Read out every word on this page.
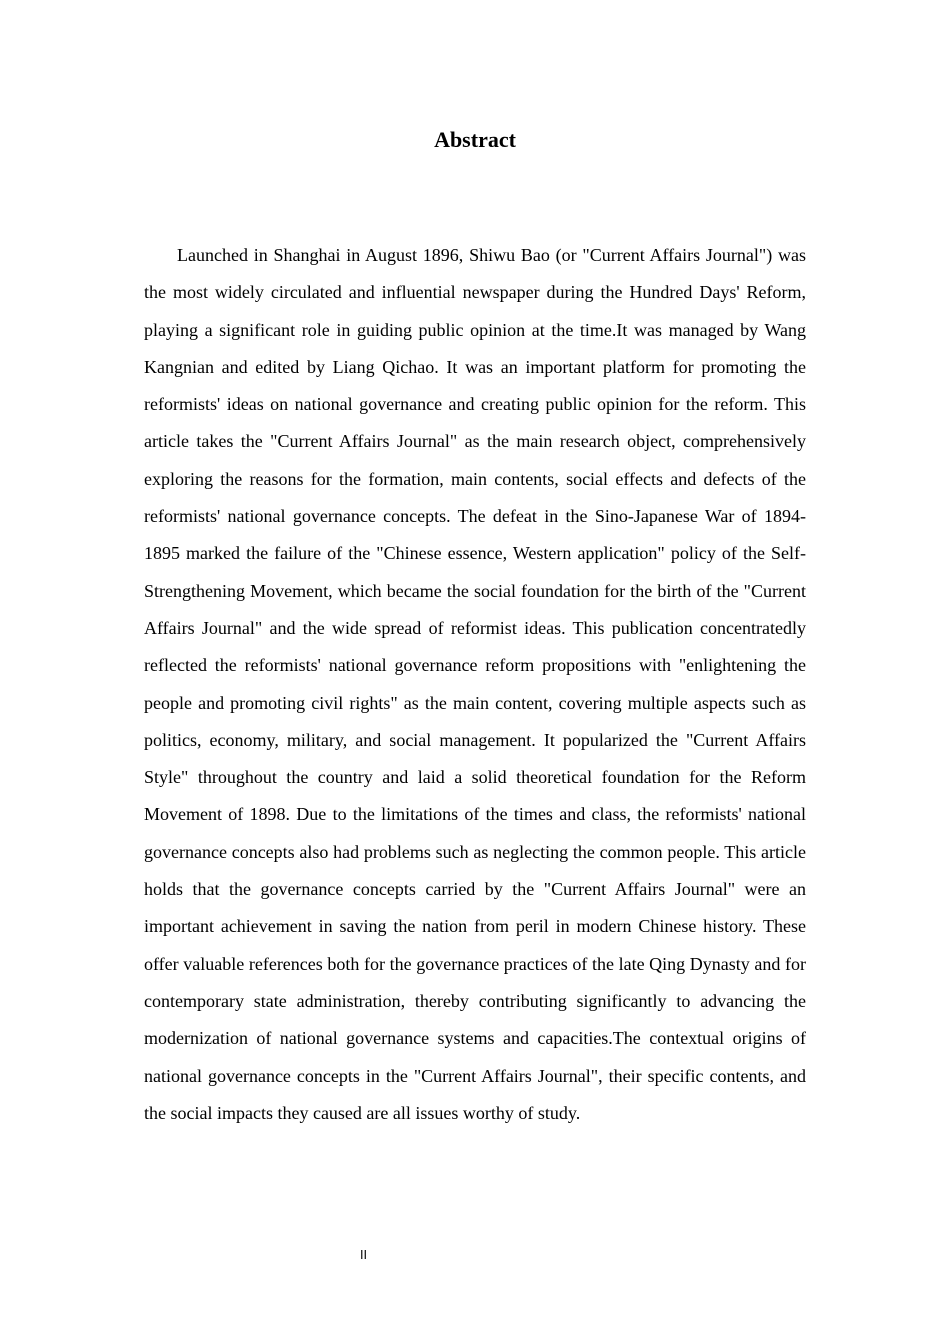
Abstract

Launched in Shanghai in August 1896, Shiwu Bao (or "Current Affairs Journal") was the most widely circulated and influential newspaper during the Hundred Days' Reform, playing a significant role in guiding public opinion at the time.It was managed by Wang Kangnian and edited by Liang Qichao. It was an important platform for promoting the reformists' ideas on national governance and creating public opinion for the reform. This article takes the "Current Affairs Journal" as the main research object, comprehensively exploring the reasons for the formation, main contents, social effects and defects of the reformists' national governance concepts. The defeat in the Sino-Japanese War of 1894-1895 marked the failure of the "Chinese essence, Western application" policy of the Self-Strengthening Movement, which became the social foundation for the birth of the "Current Affairs Journal" and the wide spread of reformist ideas. This publication concentratedly reflected the reformists' national governance reform propositions with "enlightening the people and promoting civil rights" as the main content, covering multiple aspects such as politics, economy, military, and social management. It popularized the "Current Affairs Style" throughout the country and laid a solid theoretical foundation for the Reform Movement of 1898. Due to the limitations of the times and class, the reformists' national governance concepts also had problems such as neglecting the common people. This article holds that the governance concepts carried by the "Current Affairs Journal" were an important achievement in saving the nation from peril in modern Chinese history. These offer valuable references both for the governance practices of the late Qing Dynasty and for contemporary state administration, thereby contributing significantly to advancing the modernization of national governance systems and capacities.The contextual origins of national governance concepts in the "Current Affairs Journal", their specific contents, and the social impacts they caused are all issues worthy of study.

II
